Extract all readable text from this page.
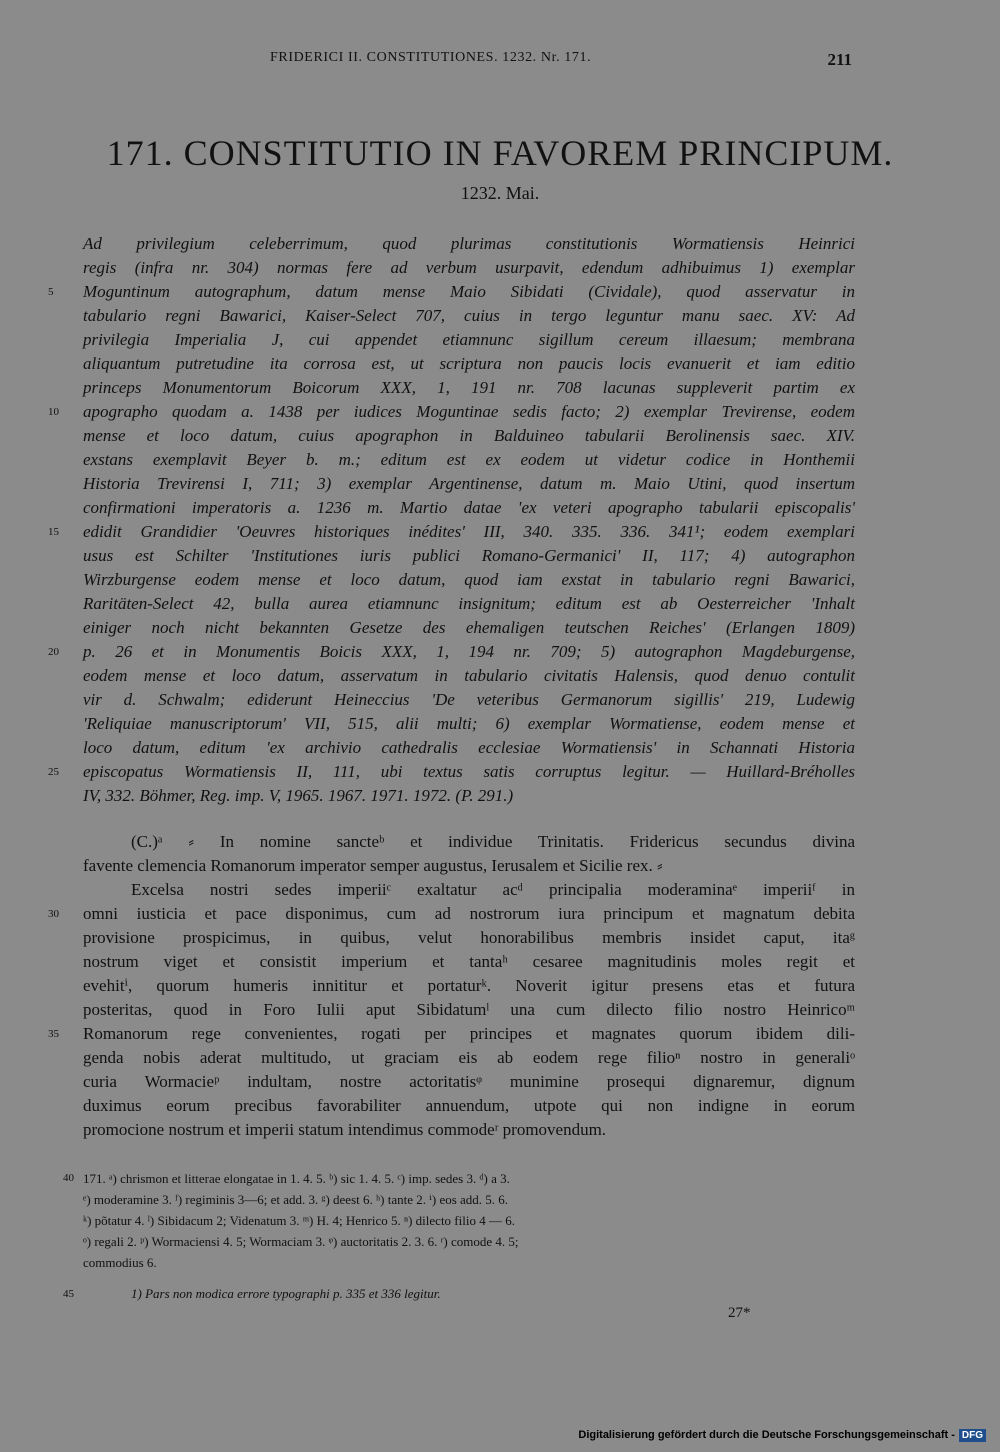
FRIDERICI II. CONSTITUTIONES. 1232. Nr. 171.	211
171. CONSTITUTIO IN FAVOREM PRINCIPUM.
1232. Mai.
Ad privilegium celeberrimum, quod plurimas constitutionis Wormatiensis Heinrici
regis (infra nr. 304) normas fere ad verbum usurpavit, edendum adhibuimus 1) exemplar
5	Moguntinum autographum, datum mense Maio Sibidati (Cividale), quod asservatur in
tabulario regni Bawarici, Kaiser-Select 707, cuius in tergo leguntur manu saec. XV: Ad
privilegia Imperialia J, cui appendet etiamnunc sigillum cereum illaesum; membrana
aliquantum putretudine ita corrosa est, ut scriptura non paucis locis evanuerit et iam editio
princeps Monumentorum Boicorum XXX, 1, 191 nr. 708 lacunas suppleverit partim ex
10	apographo quodam a. 1438 per iudices Moguntinae sedis facto; 2) exemplar Trevirense, eodem
mense et loco datum, cuius apographon in Balduineo tabularii Berolinensis saec. XIV.
exstans exemplavit Beyer b. m.; editum est ex eodem ut videtur codice in Honthemii
Historia Trevirensi I, 711; 3) exemplar Argentinense, datum m. Maio Utini, quod insertum
confirmationi imperatoris a. 1236 m. Martio datae 'ex veteri apographo tabularii episcopalis'
15	edidit Grandidier 'Oeuvres historiques inédites' III, 340. 335. 336. 341¹; eodem exemplari
usus est Schilter 'Institutiones iuris publici Romano-Germanici' II, 117; 4) autographon
Wirzburgense eodem mense et loco datum, quod iam exstat in tabulario regni Bawarici,
Raritäten-Select 42, bulla aurea etiamnunc insignitum; editum est ab Oesterreicher 'Inhalt
einiger noch nicht bekannten Gesetze des ehemaligen teutschen Reiches' (Erlangen 1809)
20	p. 26 et in Monumentis Boicis XXX, 1, 194 nr. 709; 5) autographon Magdeburgense,
eodem mense et loco datum, asservatum in tabulario civitatis Halensis, quod denuo contulit
vir d. Schwalm; ediderunt Heineccius 'De veteribus Germanorum sigillis' 219, Ludewig
'Reliquiae manuscriptorum' VII, 515, alii multi; 6) exemplar Wormatiense, eodem mense et
loco datum, editum 'ex archivio cathedralis ecclesiae Wormatiensis' in Schannati Historia
25	episcopatus Wormatiensis II, 111, ubi textus satis corruptus legitur. — Huillard-Bréholles
IV, 332. Böhmer, Reg. imp. V, 1965. 1967. 1971. 1972. (P. 291.)
(C.)ᵃ ⸗ In nomine sancteᵇ et individue Trinitatis. Fridericus secundus divina
favente clemencia Romanorum imperator semper augustus, Ierusalem et Sicilie rex. ⸗
Excelsa nostri sedes imperiiᶜ exaltatur acᵈ principalia moderaminaᵉ imperiiᶠ in
30	omni iusticia et pace disponimus, cum ad nostrorum iura principum et magnatum debita
provisione prospicimus, in quibus, velut honorabilibus membris insidet caput, itaᵍ
nostrum viget et consistit imperium et tantaʰ cesaree magnitudinis moles regit et
evehitⁱ, quorum humeris innititur et portaturᵏ. Noverit igitur presens etas et futura
posteritas, quod in Foro Iulii aput Sibidatumˡ una cum dilecto filio nostro Heinricoᵐ
35	Romanorum rege convenientes, rogati per principes et magnates quorum ibidem dili-
genda nobis aderat multitudo, ut graciam eis ab eodem rege filioⁿ nostro in generaliᵒ
curia Wormacieᵖ indultam, nostre actoritatisᵠ munimine prosequi dignaremur, dignum
duximus eorum precibus favorabiliter annuendum, utpote qui non indigne in eorum
promocione nostrum et imperii statum intendimus commodeʳ promovendum.
40 171. ᵃ) chrismon et litterae elongatae in 1. 4. 5. ᵇ) sic 1. 4. 5. ᶜ) imp. sedes 3. ᵈ) a 3.
ᵉ) moderamine 3. ᶠ) regiminis 3—6; et add. 3. ᵍ) deest 6. ʰ) tante 2. ⁱ) eos add. 5. 6.
ᵏ) põtatur 4. ˡ) Sibidacum 2; Videnatum 3. ᵐ) H. 4; Henrico 5. ⁿ) dilecto filio 4 — 6.
ᵒ) regali 2. ᵖ) Wormaciensi 4. 5; Wormaciam 3. ᵠ) auctoritatis 2. 3. 6. ʳ) comode 4. 5;
commodius 6.
45	1) Pars non modica errore typographi p. 335 et 336 legitur.
27*
Digitalisierung gefördert durch die Deutsche Forschungsgemeinschaft - DFG
